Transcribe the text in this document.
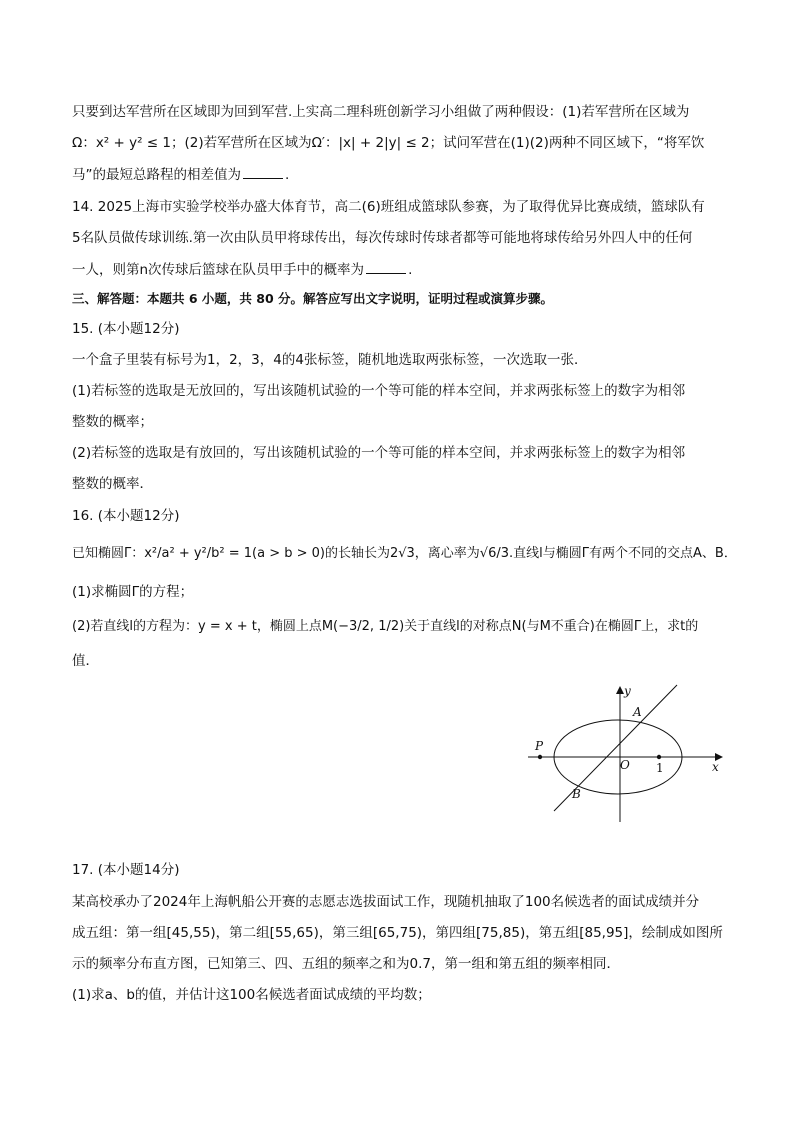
只要到达军营所在区域即为回到军营.上实高二理科班创新学习小组做了两种假设：(1)若军营所在区域为
Ω：x² + y² ≤ 1；(2)若军营所在区域为Ω′：|x| + 2|y| ≤ 2；试问军营在(1)(2)两种不同区域下，“将军饮
马”的最短总路程的相差值为	.
14. 2025上海市实验学校举办盛大体育节，高二(6)班组成篮球队参赛，为了取得优异比赛成绩，篮球队有
5名队员做传球训练.第一次由队员甲将球传出，每次传球时传球者都等可能地将球传给另外四人中的任何
一人，则第n次传球后篮球在队员甲手中的概率为	.
三、解答题：本题共 6 小题，共 80 分。解答应写出文字说明，证明过程或演算步骤。
15. (本小题12分)
一个盒子里装有标号为1，2，3，4的4张标签，随机地选取两张标签，一次选取一张．
(1)若标签的选取是无放回的，写出该随机试验的一个等可能的样本空间，并求两张标签上的数字为相邻
整数的概率；
(2)若标签的选取是有放回的，写出该随机试验的一个等可能的样本空间，并求两张标签上的数字为相邻
整数的概率．
16. (本小题12分)
已知椭圆Γ：x²/a² + y²/b² = 1(a > b > 0)的长轴长为2√3，离心率为√6/3.直线l与椭圆Γ有两个不同的交点A、B．
(1)求椭圆Γ的方程；
(2)若直线l的方程为：y = x + t，椭圆上点M(−3/2, 1/2)关于直线l的对称点N(与M不重合)在椭圆Γ上，求t的
值．
y
x
A
B
P
O 1
17. (本小题14分)
某高校承办了2024年上海帆船公开赛的志愿志选拔面试工作，现随机抽取了100名候选者的面试成绩并分
成五组：第一组[45,55)，第二组[55,65)，第三组[65,75)，第四组[75,85)，第五组[85,95]，绘制成如图所
示的频率分布直方图，已知第三、四、五组的频率之和为0.7，第一组和第五组的频率相同．
(1)求a、b的值，并估计这100名候选者面试成绩的平均数；
